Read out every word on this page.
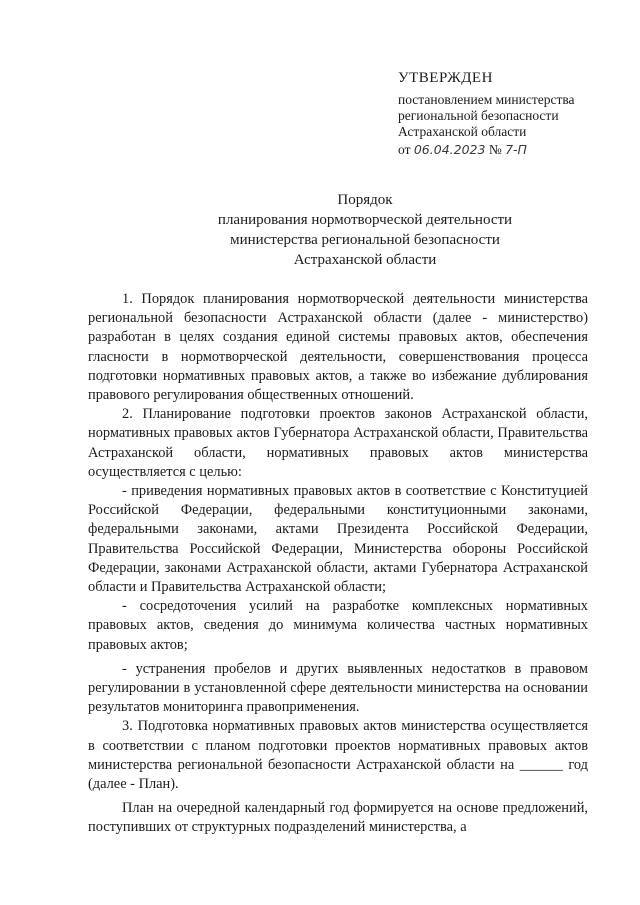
УТВЕРЖДЕН
постановлением министерства
региональной безопасности
Астраханской области
от 06.04.2023 № 7-П
Порядок
планирования нормотворческой деятельности
министерства региональной безопасности
Астраханской области

1. Порядок планирования нормотворческой деятельности министерства региональной безопасности Астраханской области (далее - министерство) разработан в целях создания единой системы правовых актов, обеспечения гласности в нормотворческой деятельности, совершенствования процесса подготовки нормативных правовых актов, а также во избежание дублирования правового регулирования общественных отношений.

2. Планирование подготовки проектов законов Астраханской области, нормативных правовых актов Губернатора Астраханской области, Правительства Астраханской области, нормативных правовых актов министерства осуществляется с целью:

- приведения нормативных правовых актов в соответствие с Конституцией Российской Федерации, федеральными конституционными законами, федеральными законами, актами Президента Российской Федерации, Правительства Российской Федерации, Министерства обороны Российской Федерации, законами Астраханской области, актами Губернатора Астраханской области и Правительства Астраханской области;

- сосредоточения усилий на разработке комплексных нормативных правовых актов, сведения до минимума количества частных нормативных правовых актов;

- устранения пробелов и других выявленных недостатков в правовом регулировании в установленной сфере деятельности министерства на основании результатов мониторинга правоприменения.

3. Подготовка нормативных правовых актов министерства осуществляется в соответствии с планом подготовки проектов нормативных правовых актов министерства региональной безопасности Астраханской области на ______ год (далее - План).

План на очередной календарный год формируется на основе предложений, поступивших от структурных подразделений министерства, а
